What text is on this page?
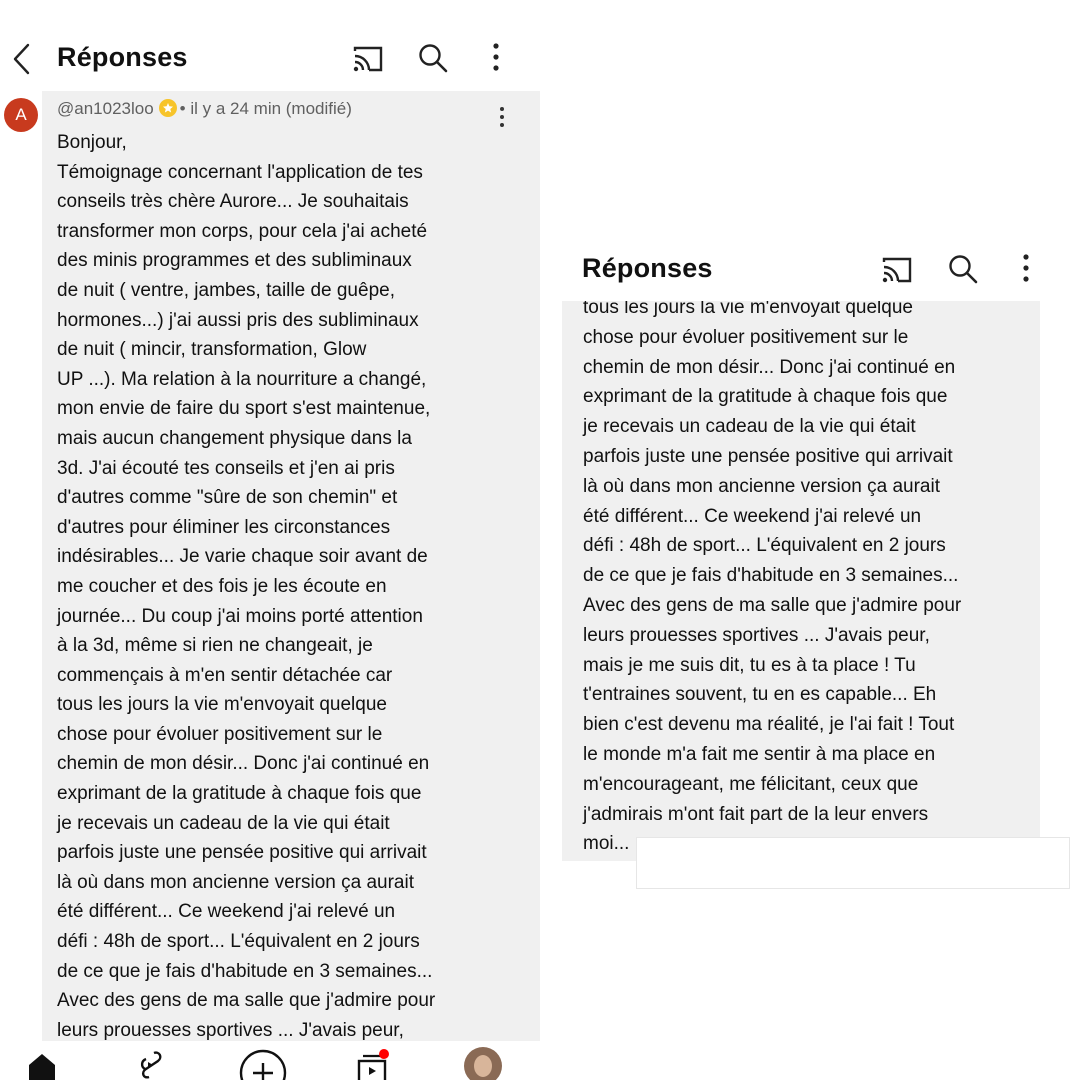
Réponses
A	@an1023loo • il y a 24 min (modifié)
Bonjour,
Témoignage concernant l'application de tes
conseils très chère Aurore... Je souhaitais
transformer mon corps, pour cela j'ai acheté
des minis programmes et des subliminaux
de nuit ( ventre, jambes, taille de guêpe,
hormones...) j'ai aussi pris des subliminaux
de nuit ( mincir, transformation, Glow
UP ...). Ma relation à la nourriture a changé,
mon envie de faire du sport s'est maintenue,
mais aucun changement physique dans la
3d. J'ai écouté tes conseils et j'en ai pris
d'autres comme "sûre de son chemin" et
d'autres pour éliminer les circonstances
indésirables... Je varie chaque soir avant de
me coucher et des fois je les écoute en
journée... Du coup j'ai moins porté attention
à la 3d, même si rien ne changeait, je
commençais à m'en sentir détachée car
tous les jours la vie m'envoyait quelque
chose pour évoluer positivement sur le
chemin de mon désir... Donc j'ai continué en
exprimant de la gratitude à chaque fois que
je recevais un cadeau de la vie qui était
parfois juste une pensée positive qui arrivait
là où dans mon ancienne version ça aurait
été différent... Ce weekend j'ai relevé un
défi : 48h de sport... L'équivalent en 2 jours
de ce que je fais d'habitude en 3 semaines...
Avec des gens de ma salle que j'admire pour
leurs prouesses sportives ... J'avais peur,
Réponses
tous les jours la vie m'envoyait quelque
chose pour évoluer positivement sur le
chemin de mon désir... Donc j'ai continué en
exprimant de la gratitude à chaque fois que
je recevais un cadeau de la vie qui était
parfois juste une pensée positive qui arrivait
là où dans mon ancienne version ça aurait
été différent... Ce weekend j'ai relevé un
défi : 48h de sport... L'équivalent en 2 jours
de ce que je fais d'habitude en 3 semaines...
Avec des gens de ma salle que j'admire pour
leurs prouesses sportives ... J'avais peur,
mais je me suis dit, tu es à ta place ! Tu
t'entraines souvent, tu en es capable... Eh
bien c'est devenu ma réalité, je l'ai fait ! Tout
le monde m'a fait me sentir à ma place en
m'encourageant, me félicitant, ceux que
j'admirais m'ont fait part de la leur envers
moi...
